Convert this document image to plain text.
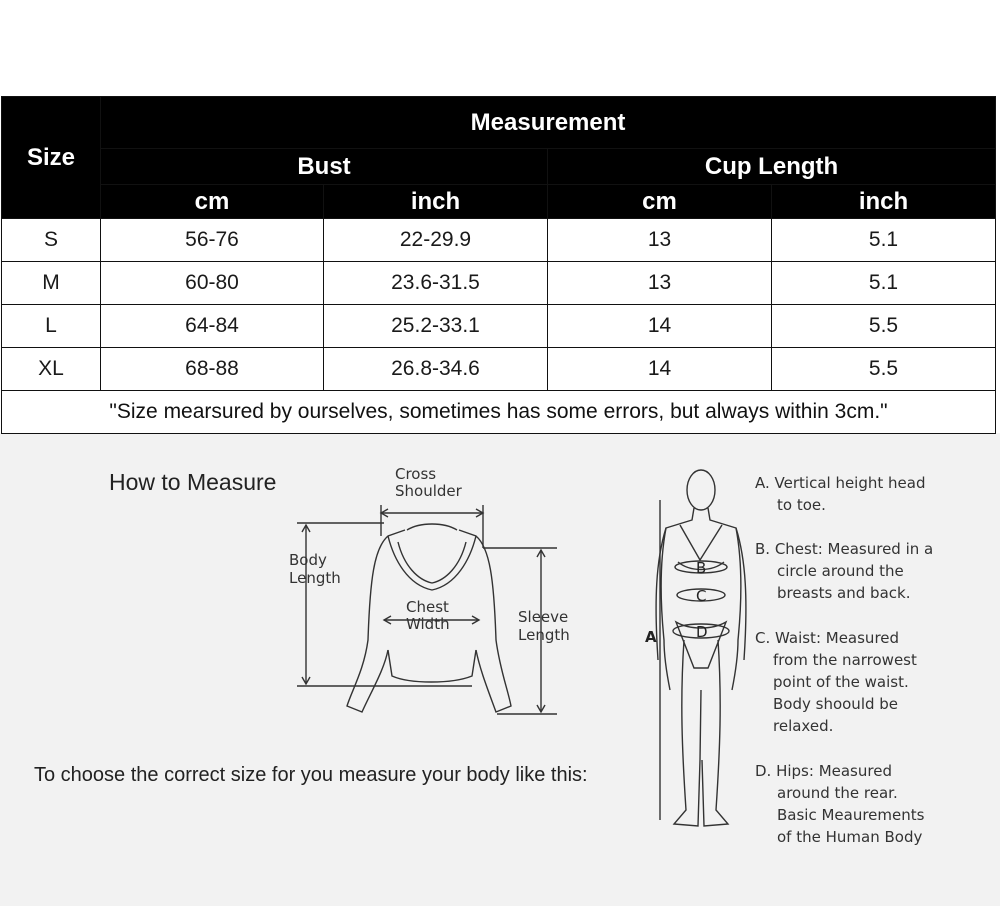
Size	Measurement			
	Bust		Cup Length	
	cm	inch	cm	inch
S	56-76	22-29.9	13	5.1
M	60-80	23.6-31.5	13	5.1
L	64-84	25.2-33.1	14	5.5
XL	68-88	26.8-34.6	14	5.5
"Size mearsured by ourselves, sometimes has some errors, but always within 3cm."				
How to Measure
To choose the correct size for you measure your body like this:
Cross
Shoulder
Body
Length
Chest
Width	Sleeve
Length	A
B
C
D
A. Vertical height head
to toe.
B. Chest: Measured in a
circle around the
breasts and back.
C. Waist: Measured
from the narrowest
point of the waist.
Body shoould be
relaxed.
D. Hips: Measured
around the rear.
Basic Meaurements
of the Human Body
